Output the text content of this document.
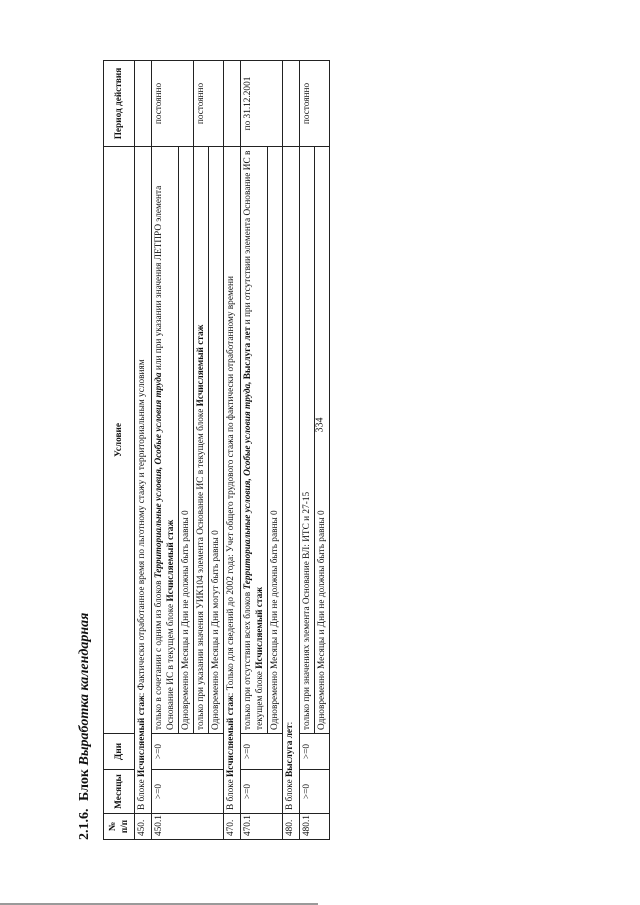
334
2.1.6. Блок Выработка календарная
№ п/п	Месяцы	Дни	Условие	Период действия
450.	В блоке Исчисляемый стаж: Фактически отработанное время по льготному стажу и территориальным условиям			
450.1	>=0	>=0	только в сочетании с одним из блоков Территориальные условия, Особые условия труда или при указании значения ЛЕТПРО элемента Основание ИС в текущем блоке Исчисляемый стаж	постоянно
			Одновременно Месяцы и Дни не должны быть равны 0	
			только при указании значения УИК104 элемента Основание ИС в текущем блоке Исчисляемый стаж	постоянно
			Одновременно Месяцы и Дни могут быть равны 0	
470.	В блоке Исчисляемый стаж: Только для сведений до 2002 года: Учет общего трудового стажа по фактически отработанному времени			
470.1	>=0	>=0	только при отсутствии всех блоков Территориальные условия, Особые условия труда, Выслуга лет и при отсутствии элемента Основание ИС в текущем блоке Исчисляемый стаж	по 31.12.2001
			Одновременно Месяцы и Дни не должны быть равны 0	
480.	В блоке Выслуга лет:			
480.1	>=0	>=0	только при значениях элемента Основание ВЛ: ИТС и 27-15	постоянно
			Одновременно Месяцы и Дни не должны быть равны 0	
